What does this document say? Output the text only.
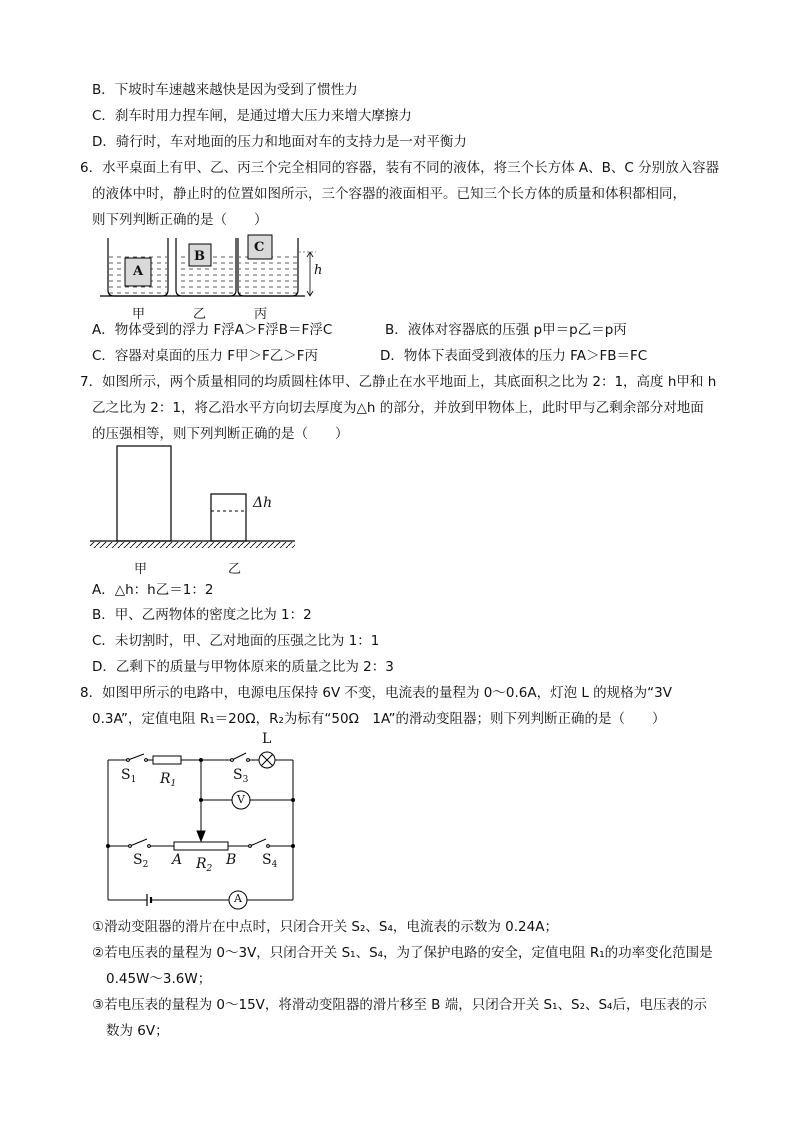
B．下坡时车速越来越快是因为受到了惯性力
C．刹车时用力捏车闸，是通过增大压力来增大摩擦力
D．骑行时，车对地面的压力和地面对车的支持力是一对平衡力
6．水平桌面上有甲、乙、丙三个完全相同的容器，装有不同的液体，将三个长方体 A、B、C 分别放入容器
的液体中时，静止时的位置如图所示，三个容器的液面相平。已知三个长方体的质量和体积都相同，
则下列判断正确的是（　　）
A
B
C
h
甲	乙	丙
A．物体受到的浮力 F浮A＞F浮B＝F浮C	B．液体对容器底的压强 p甲＝p乙＝p丙
C．容器对桌面的压力 F甲＞F乙＞F丙	D．物体下表面受到液体的压力 FA＞FB＝FC
7．如图所示，两个质量相同的均质圆柱体甲、乙静止在水平地面上，其底面积之比为 2：1，高度 h甲和 h
乙之比为 2：1，将乙沿水平方向切去厚度为△h 的部分，并放到甲物体上，此时甲与乙剩余部分对地面
的压强相等，则下列判断正确的是（　　）
Δh
甲	乙
A．△h：h乙＝1：2
B．甲、乙两物体的密度之比为 1：2
C．未切割时，甲、乙对地面的压强之比为 1：1
D．乙剩下的质量与甲物体原来的质量之比为 2：3
8．如图甲所示的电路中，电源电压保持 6V 不变，电流表的量程为 0～0.6A，灯泡 L 的规格为“3V
0.3A”，定值电阻 R₁＝20Ω，R₂为标有“50Ω　1A”的滑动变阻器；则下列判断正确的是（　　）
L
$S_1$ $R_1$
$S_3$
V
$S_2$ A $R_2$
B $S_4$
A
①滑动变阻器的滑片在中点时，只闭合开关 S₂、S₄，电流表的示数为 0.24A；
②若电压表的量程为 0～3V，只闭合开关 S₁、S₄，为了保护电路的安全，定值电阻 R₁的功率变化范围是
0.45W～3.6W；
③若电压表的量程为 0～15V，将滑动变阻器的滑片移至 B 端，只闭合开关 S₁、S₂、S₄后，电压表的示
数为 6V；
